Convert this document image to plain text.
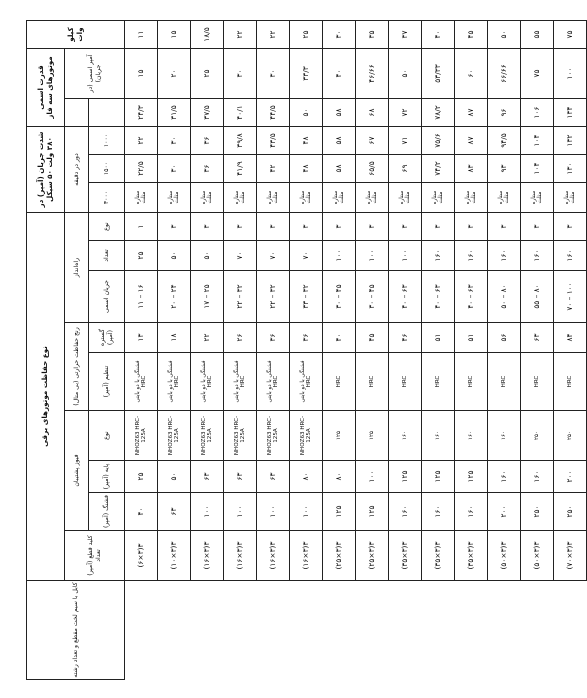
کیلو وات	قدرت اسمی موتورهای سه فاز		شدت جریان (آمپر) در ۳۸۰ ولت ۵۰ سیکل			نوع حفاظت موتورهای برقی									کابل با سیم لخت مقطع و تعداد رشته
	آمپر اسمی (در جریان)		دور در دقیقه			راه‌انداز			رنج حفاظت حرارتی (بی متال)		فیوز پشتیبان			کلید قطع (آمپر) تعداد	
			۱۰۰۰	۱۵۰۰	۳۰۰۰	نوع	تعداد	جریان اسمی	گستره (آمپر)	تنظیم (آمپر)	نوع	پایه (آمپر)	فشنگ (آمپر)		
۱۱	۱۵	۲۴/۳	۲۲	۲۲/۵	ستاره مثلث	۱	۲۵	۱۶ – ۱۱	۱۳	فشنگی با دو بایتی HRC	NHOZ63 HRC-125A	۲۵	۴۰	۳(۳×۶)	
۱۵	۲۰	۳۱/۵	۳۰	۳۰	ستاره مثلث	۳	۵۰	۲۴ – ۲۰	۱۸	فشنگی با دو بایتی HRC	NHOZ63 HRC-125A	۵۰	۶۳	۳(۳×۱۰)	
۱۸/۵	۲۵	۳۷/۵	۳۶	۳۶	ستاره مثلث	۳	۵۰	۲۵ – ۱۷	۲۲	فشنگی با دو بایتی HRC	NHOZ63 HRC-125A	۶۳	۱۰۰	۳(۳×۱۶)	
۲۲	۳۰	۴۰/۱	۳۹/۸	۴۱/۹	ستاره مثلث	۳	۷۰	۳۲ – ۲۲	۲۶	فشنگی با دو بایتی HRC	NHOZ63 HRC-125A	۶۳	۱۰۰	۳(۳×۱۶)	
۲۲	۳۰	۴۴/۵	۴۳/۵	۴۲	ستاره مثلث	۳	۷۰	۳۲ – ۲۲	۳۶	فشنگی با دو بایتی HRC	NHOZ63 HRC-125A	۶۳	۱۰۰	۳(۳×۱۶)	
۲۵	۳۳/۳	۵۰	۴۸	۴۸	ستاره مثلث	۳	۷۰	۳۲ – ۳۳	۳۶	فشنگی با دو بایتی HRC	NHOZ63 HRC-125A	۸۰	۱۰۰	۳(۳×۱۶)	
۳۰	۴۰	۵۸	۵۸	۵۸	ستاره مثلث	۳	۱۰۰	۴۵ – ۳۰	۴۰	HRC	۱۲۵	۸۰	۱۲۵	۳(۳×۲۵)	
۳۵	۴۶/۶۶	۶۸	۶۷	۶۵/۵	ستاره مثلث	۳	۱۰۰	۴۵ – ۳۰	۴۵	HRC	۱۲۵	۱۰۰	۱۲۵	۳(۳×۲۵)	
۳۷	۵۰	۷۲	۷۱	۶۹	ستاره مثلث	۳	۱۰۰	۶۳ – ۴۰	۴۶	HRC	۱۶۰	۱۲۵	۱۶۰	۳(۳×۳۵)	
۴۰	۵۳/۳۳	۷۸/۲	۷۵/۶	۷۴/۲	ستاره مثلث	۳	۱۶۰	۶۳ – ۴۰	۵۱	HRC	۱۶۰	۱۲۵	۱۶۰	۳(۳×۳۵)	
۴۵	۶۰	۸۷	۸۷	۸۳	ستاره مثلث	۳	۱۶۰	۶۳ – ۴۰	۵۱	HRC	۱۶۰	۱۲۵	۱۶۰	۳(۳×۳۵)	
۵۰	۶۶/۶۶	۹۶	۹۴/۵	۹۳	ستاره مثلث	۳	۱۶۰	۸۰ – ۵۰	۵۶	HRC	۱۶۰	۱۶۰	۲۰۰	۳(۳×۵۰)	
۵۵	۷۵	۱۰۶	۱۰۴	۱۰۴	ستاره مثلث	۳	۱۶۰	۸۰ – ۵۵	۶۳	HRC	۲۵۰	۱۶۰	۲۵۰	۳(۳×۵۰)	
۷۵	۱۰۰	۱۳۴	۱۳۲	۱۳۰	ستاره مثلث	۳	۱۶۰	۱۰۰ – ۷۰	۸۴	HRC	۲۵۰	۲۰۰	۲۵۰	۳(۳×۷۰)	
